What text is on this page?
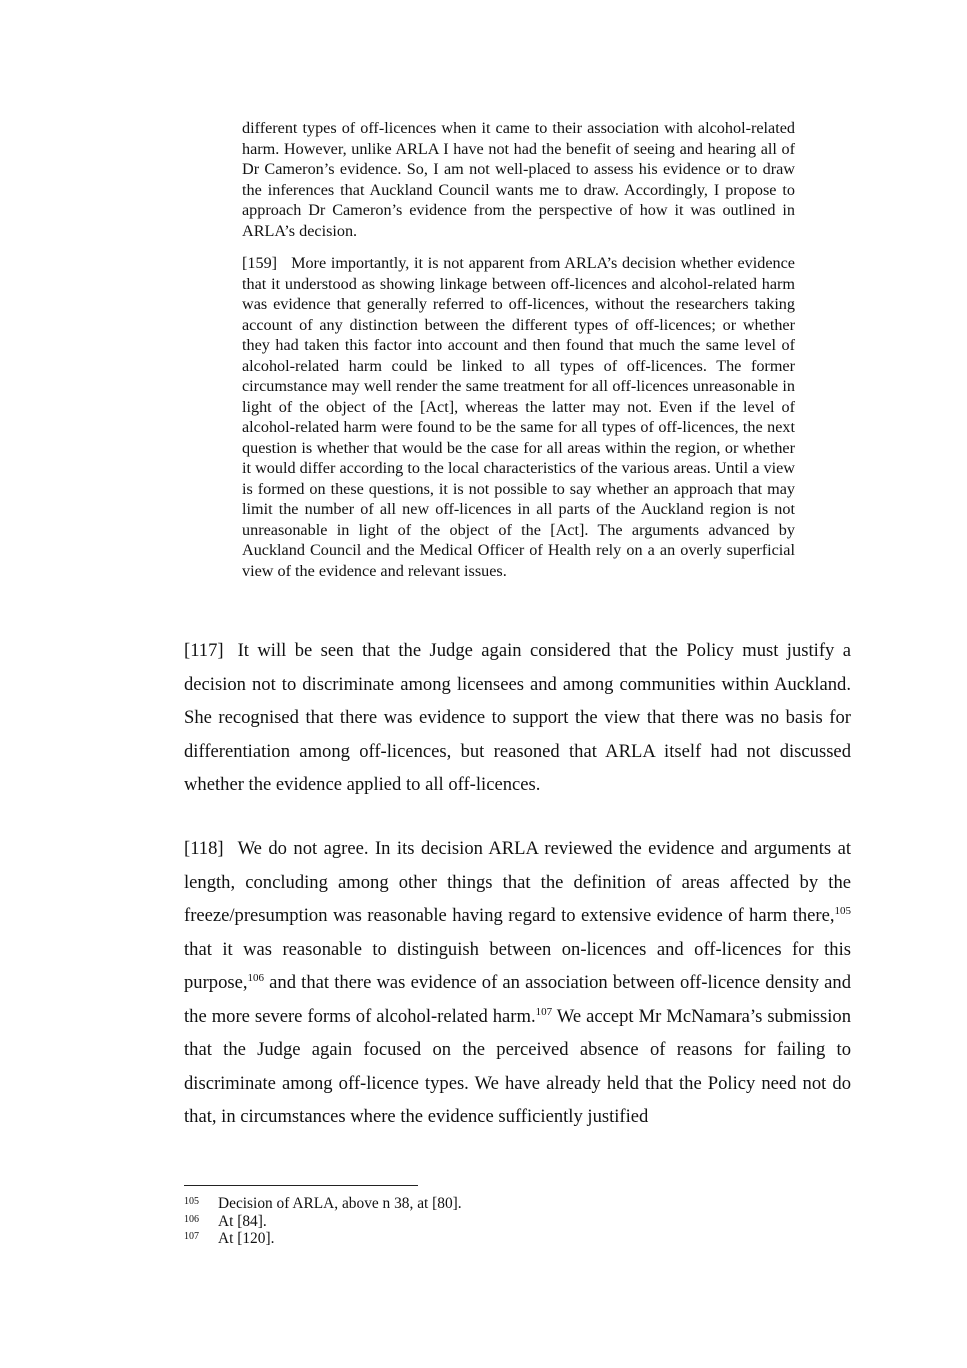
different types of off-licences when it came to their association with alcohol-related harm. However, unlike ARLA I have not had the benefit of seeing and hearing all of Dr Cameron’s evidence. So, I am not well-placed to assess his evidence or to draw the inferences that Auckland Council wants me to draw. Accordingly, I propose to approach Dr Cameron’s evidence from the perspective of how it was outlined in ARLA’s decision.

[159] More importantly, it is not apparent from ARLA’s decision whether evidence that it understood as showing linkage between off-licences and alcohol-related harm was evidence that generally referred to off-licences, without the researchers taking account of any distinction between the different types of off-licences; or whether they had taken this factor into account and then found that much the same level of alcohol-related harm could be linked to all types of off-licences. The former circumstance may well render the same treatment for all off-licences unreasonable in light of the object of the [Act], whereas the latter may not. Even if the level of alcohol-related harm were found to be the same for all types of off-licences, the next question is whether that would be the case for all areas within the region, or whether it would differ according to the local characteristics of the various areas. Until a view is formed on these questions, it is not possible to say whether an approach that may limit the number of all new off-licences in all parts of the Auckland region is not unreasonable in light of the object of the [Act]. The arguments advanced by Auckland Council and the Medical Officer of Health rely on a an overly superficial view of the evidence and relevant issues.

[117] It will be seen that the Judge again considered that the Policy must justify a decision not to discriminate among licensees and among communities within Auckland. She recognised that there was evidence to support the view that there was no basis for differentiation among off-licences, but reasoned that ARLA itself had not discussed whether the evidence applied to all off-licences.

[118] We do not agree. In its decision ARLA reviewed the evidence and arguments at length, concluding among other things that the definition of areas affected by the freeze/presumption was reasonable having regard to extensive evidence of harm there,$^{105}$ that it was reasonable to distinguish between on-licences and off-licences for this purpose,$^{106}$ and that there was evidence of an association between off-licence density and the more severe forms of alcohol-related harm.$^{107}$ We accept Mr McNamara’s submission that the Judge again focused on the perceived absence of reasons for failing to discriminate among off-licence types. We have already held that the Policy need not do that, in circumstances where the evidence sufficiently justified

105	Decision of ARLA, above n 38, at [80].
106	At [84].
107	At [120].
